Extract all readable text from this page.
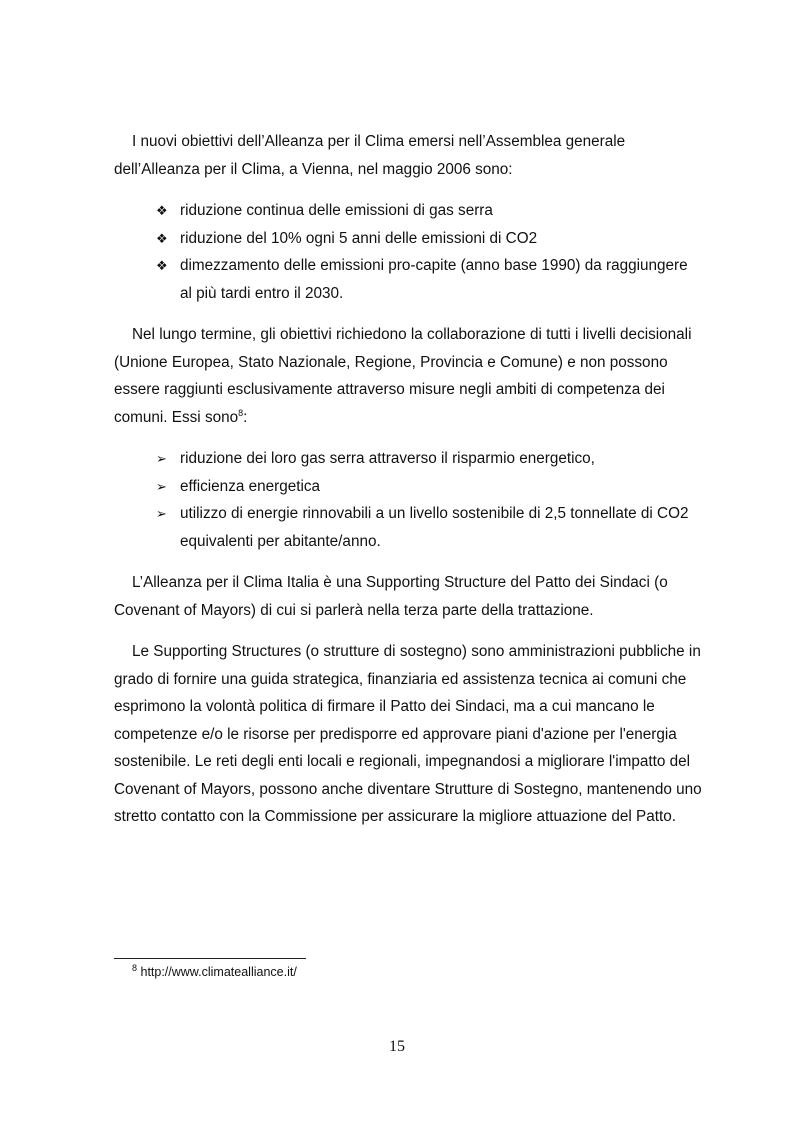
I nuovi obiettivi dell’Alleanza per il Clima emersi nell’Assemblea generale dell’Alleanza per il Clima, a Vienna, nel maggio 2006 sono:

❖ riduzione continua delle emissioni di gas serra
❖ riduzione del 10% ogni 5 anni delle emissioni di CO2
❖ dimezzamento delle emissioni pro-capite (anno base 1990) da raggiungere al più tardi entro il 2030.

Nel lungo termine, gli obiettivi richiedono la collaborazione di tutti i livelli decisionali (Unione Europea, Stato Nazionale, Regione, Provincia e Comune) e non possono essere raggiunti esclusivamente attraverso misure negli ambiti di competenza dei comuni. Essi sono$^8$:

➢ riduzione dei loro gas serra attraverso il risparmio energetico,
➢ efficienza energetica
➢ utilizzo di energie rinnovabili a un livello sostenibile di 2,5 tonnellate di CO2 equivalenti per abitante/anno.

L’Alleanza per il Clima Italia è una Supporting Structure del Patto dei Sindaci (o Covenant of Mayors) di cui si parlerà nella terza parte della trattazione.

Le Supporting Structures (o strutture di sostegno) sono amministrazioni pubbliche in grado di fornire una guida strategica, finanziaria ed assistenza tecnica ai comuni che esprimono la volontà politica di firmare il Patto dei Sindaci, ma a cui mancano le competenze e/o le risorse per predisporre ed approvare piani d'azione per l'energia sostenibile. Le reti degli enti locali e regionali, impegnandosi a migliorare l'impatto del Covenant of Mayors, possono anche diventare Strutture di Sostegno, mantenendo uno stretto contatto con la Commissione per assicurare la migliore attuazione del Patto.

$^8$ http://www.climatealliance.it/
15
